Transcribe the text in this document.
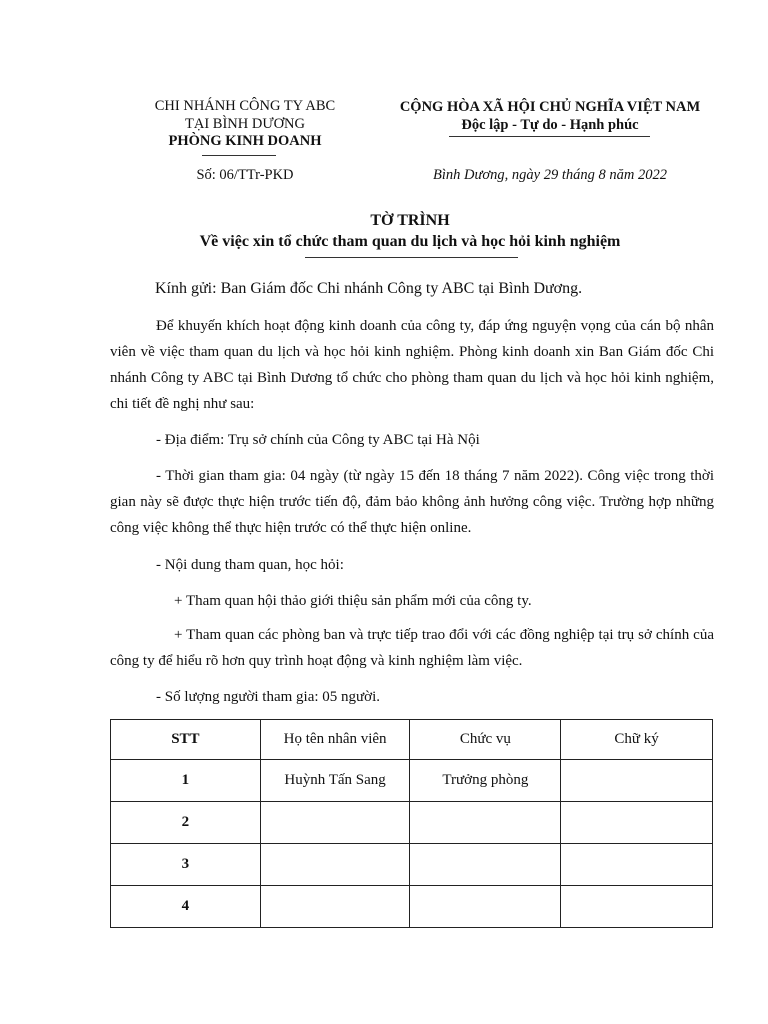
CHI NHÁNH CÔNG TY ABC
TẠI BÌNH DƯƠNG
PHÒNG KINH DOANH
CỘNG HÒA XÃ HỘI CHỦ NGHĨA VIỆT NAM
Độc lập - Tự do - Hạnh phúc
Số: 06/TTr-PKD	Bình Dương, ngày 29 tháng 8 năm 2022
TỜ TRÌNH
Về việc xin tổ chức tham quan du lịch và học hỏi kinh nghiệm
Kính gửi: Ban Giám đốc Chi nhánh Công ty ABC tại Bình Dương.

Để khuyến khích hoạt động kinh doanh của công ty, đáp ứng nguyện vọng của cán bộ nhân viên về việc tham quan du lịch và học hỏi kinh nghiệm. Phòng kinh doanh xin Ban Giám đốc Chi nhánh Công ty ABC tại Bình Dương tổ chức cho phòng tham quan du lịch và học hỏi kinh nghiệm, chi tiết đề nghị như sau:

- Địa điểm: Trụ sở chính của Công ty ABC tại Hà Nội

- Thời gian tham gia: 04 ngày (từ ngày 15 đến 18 tháng 7 năm 2022). Công việc trong thời gian này sẽ được thực hiện trước tiến độ, đảm bảo không ảnh hưởng công việc. Trường hợp những công việc không thể thực hiện trước có thể thực hiện online.

- Nội dung tham quan, học hỏi:
+ Tham quan hội thảo giới thiệu sản phẩm mới của công ty.

+ Tham quan các phòng ban và trực tiếp trao đổi với các đồng nghiệp tại trụ sở chính của công ty để hiểu rõ hơn quy trình hoạt động và kinh nghiệm làm việc.

- Số lượng người tham gia: 05 người.
STT	Họ tên nhân viên	Chức vụ	Chữ ký
1	Huỳnh Tấn Sang	Trưởng phòng	
2			
3			
4			
